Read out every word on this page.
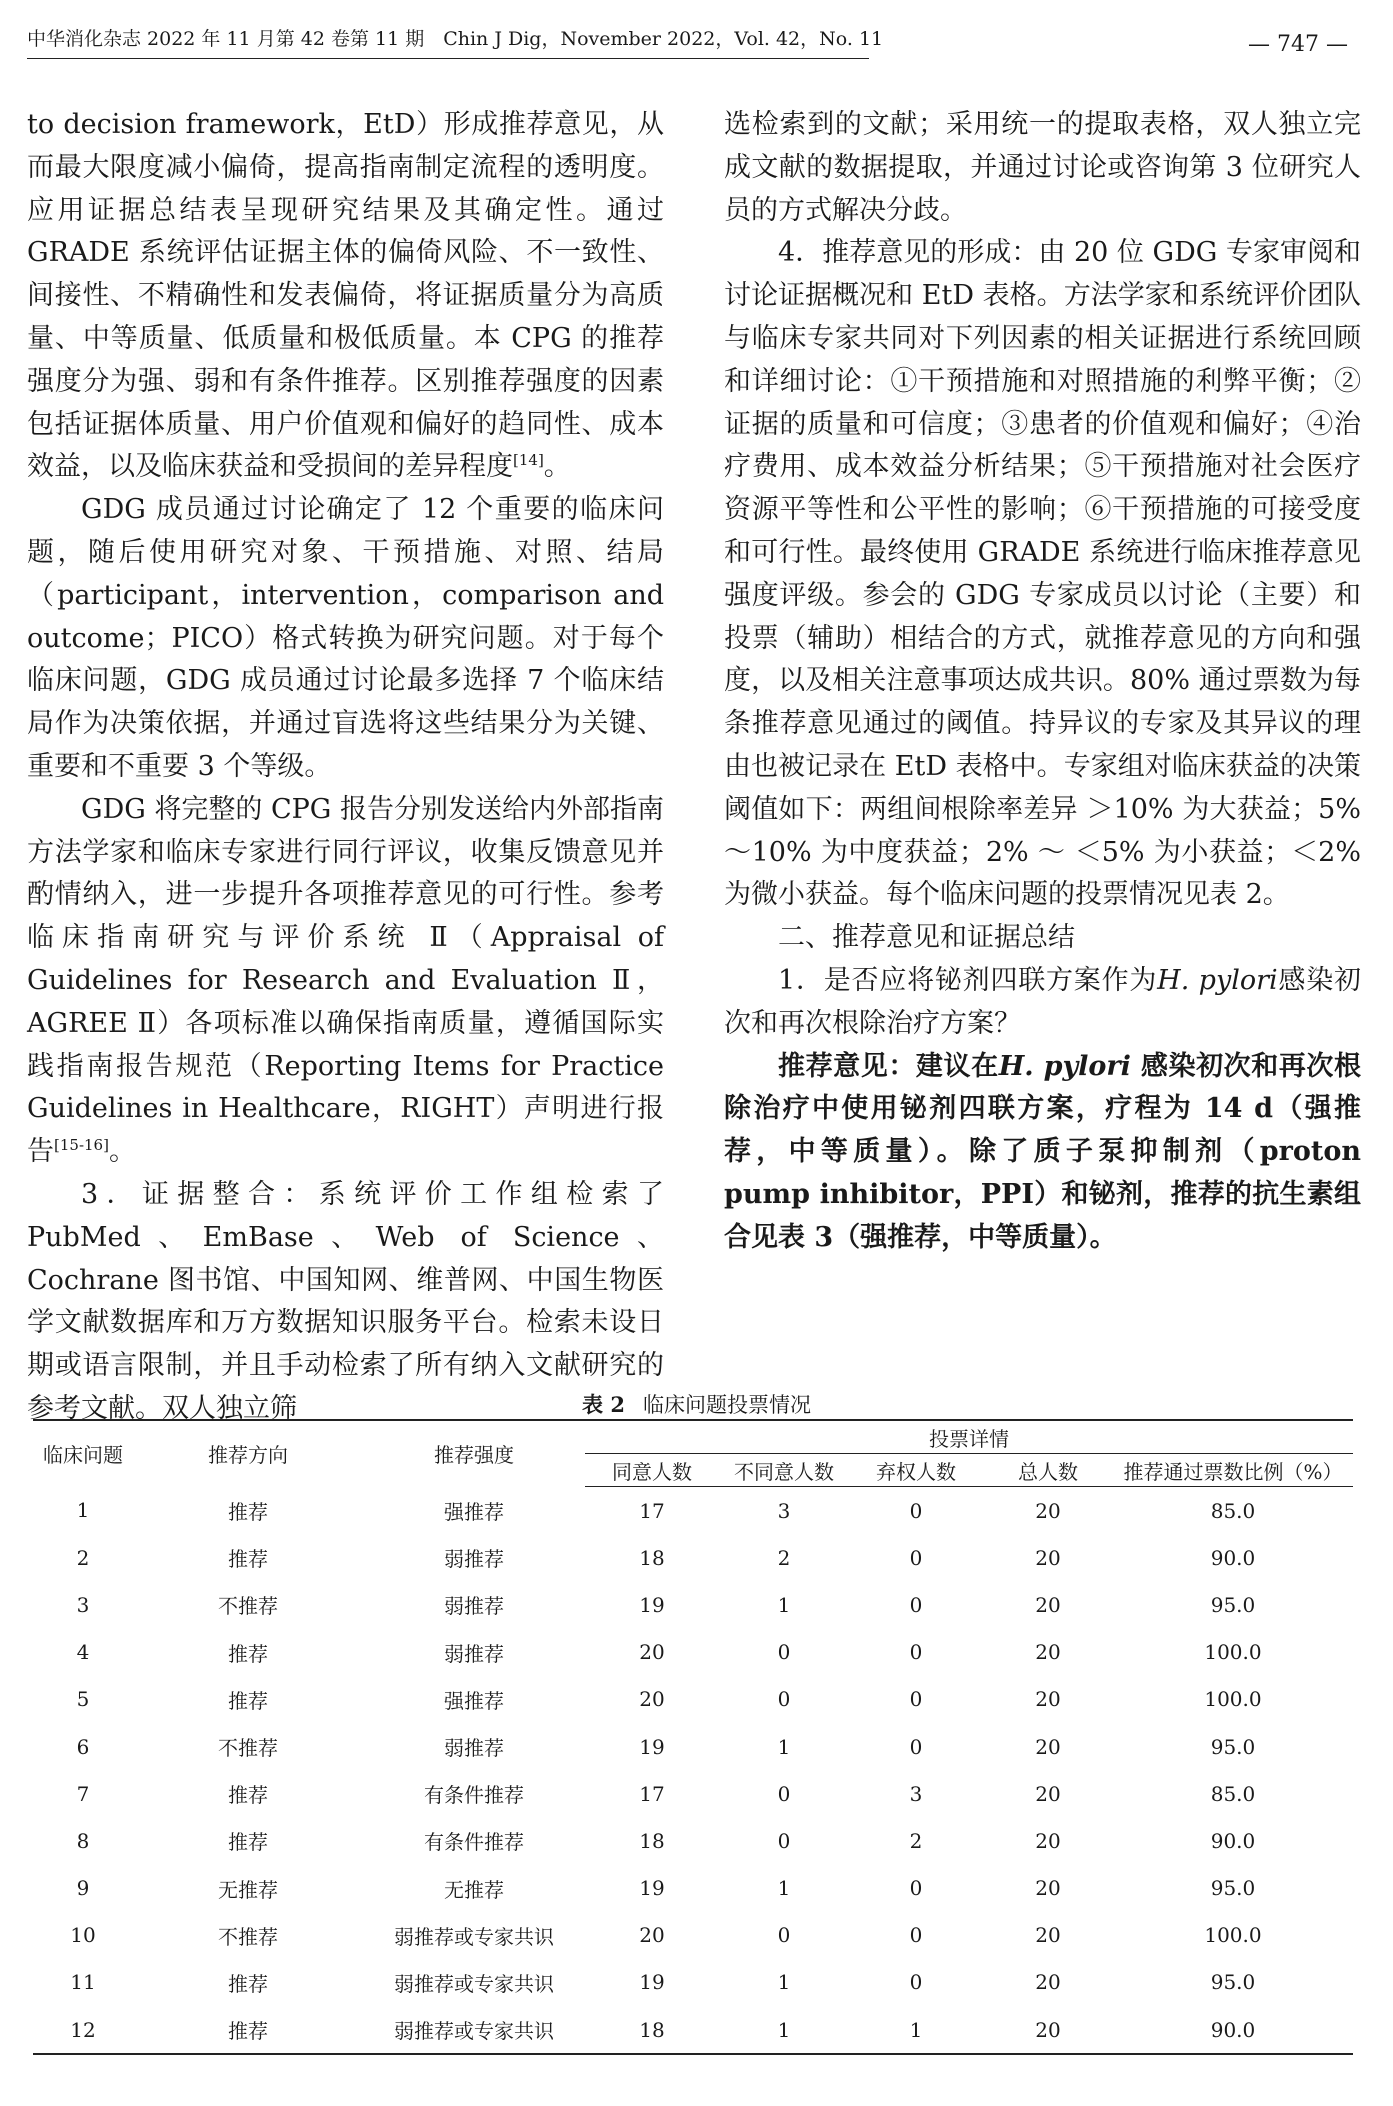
中华消化杂志 2022 年 11 月第 42 卷第 11 期　Chin J Dig，November 2022，Vol. 42，No. 11	— 747 —

to decision framework，EtD）形成推荐意见，从而最大限度减小偏倚，提高指南制定流程的透明度。应用证据总结表呈现研究结果及其确定性。通过 GRADE 系统评估证据主体的偏倚风险、不一致性、间接性、不精确性和发表偏倚，将证据质量分为高质量、中等质量、低质量和极低质量。本 CPG 的推荐强度分为强、弱和有条件推荐。区别推荐强度的因素包括证据体质量、用户价值观和偏好的趋同性、成本效益，以及临床获益和受损间的差异程度[14]。

GDG 成员通过讨论确定了 12 个重要的临床问题，随后使用研究对象、干预措施、对照、结局（participant，intervention，comparison and outcome；PICO）格式转换为研究问题。对于每个临床问题，GDG 成员通过讨论最多选择 7 个临床结局作为决策依据，并通过盲选将这些结果分为关键、重要和不重要 3 个等级。

GDG 将完整的 CPG 报告分别发送给内外部指南方法学家和临床专家进行同行评议，收集反馈意见并酌情纳入，进一步提升各项推荐意见的可行性。参考临床指南研究与评价系统 Ⅱ（Appraisal of Guidelines for Research and Evaluation Ⅱ，AGREE Ⅱ）各项标准以确保指南质量，遵循国际实践指南报告规范（Reporting Items for Practice Guidelines in Healthcare，RIGHT）声明进行报告[15-16]。

3．证据整合：系统评价工作组检索了 PubMed、EmBase、Web of Science、Cochrane 图书馆、中国知网、维普网、中国生物医学文献数据库和万方数据知识服务平台。检索未设日期或语言限制，并且手动检索了所有纳入文献研究的参考文献。双人独立筛

选检索到的文献；采用统一的提取表格，双人独立完成文献的数据提取，并通过讨论或咨询第 3 位研究人员的方式解决分歧。

4．推荐意见的形成：由 20 位 GDG 专家审阅和讨论证据概况和 EtD 表格。方法学家和系统评价团队与临床专家共同对下列因素的相关证据进行系统回顾和详细讨论：①干预措施和对照措施的利弊平衡；②证据的质量和可信度；③患者的价值观和偏好；④治疗费用、成本效益分析结果；⑤干预措施对社会医疗资源平等性和公平性的影响；⑥干预措施的可接受度和可行性。最终使用 GRADE 系统进行临床推荐意见强度评级。参会的 GDG 专家成员以讨论（主要）和投票（辅助）相结合的方式，就推荐意见的方向和强度，以及相关注意事项达成共识。80% 通过票数为每条推荐意见通过的阈值。持异议的专家及其异议的理由也被记录在 EtD 表格中。专家组对临床获益的决策阈值如下：两组间根除率差异 ＞10% 为大获益；5% ～10% 为中度获益；2% ～ ＜5% 为小获益；＜2% 为微小获益。每个临床问题的投票情况见表 2。

二、推荐意见和证据总结

1．是否应将铋剂四联方案作为H. pylori感染初次和再次根除治疗方案？

推荐意见：建议在H. pylori 感染初次和再次根除治疗中使用铋剂四联方案，疗程为 14 d（强推荐，中等质量）。除了质子泵抑制剂（proton pump inhibitor，PPI）和铋剂，推荐的抗生素组合见表 3（强推荐，中等质量）。

表 2 临床问题投票情况
临床问题	推荐方向	推荐强度	投票详情				
			同意人数	不同意人数	弃权人数	总人数	推荐通过票数比例（%）
1	推荐	强推荐	17	3	0	20	85.0
2	推荐	弱推荐	18	2	0	20	90.0
3	不推荐	弱推荐	19	1	0	20	95.0
4	推荐	弱推荐	20	0	0	20	100.0
5	推荐	强推荐	20	0	0	20	100.0
6	不推荐	弱推荐	19	1	0	20	95.0
7	推荐	有条件推荐	17	0	3	20	85.0
8	推荐	有条件推荐	18	0	2	20	90.0
9	无推荐	无推荐	19	1	0	20	95.0
10	不推荐	弱推荐或专家共识	20	0	0	20	100.0
11	推荐	弱推荐或专家共识	19	1	0	20	95.0
12	推荐	弱推荐或专家共识	18	1	1	20	90.0
